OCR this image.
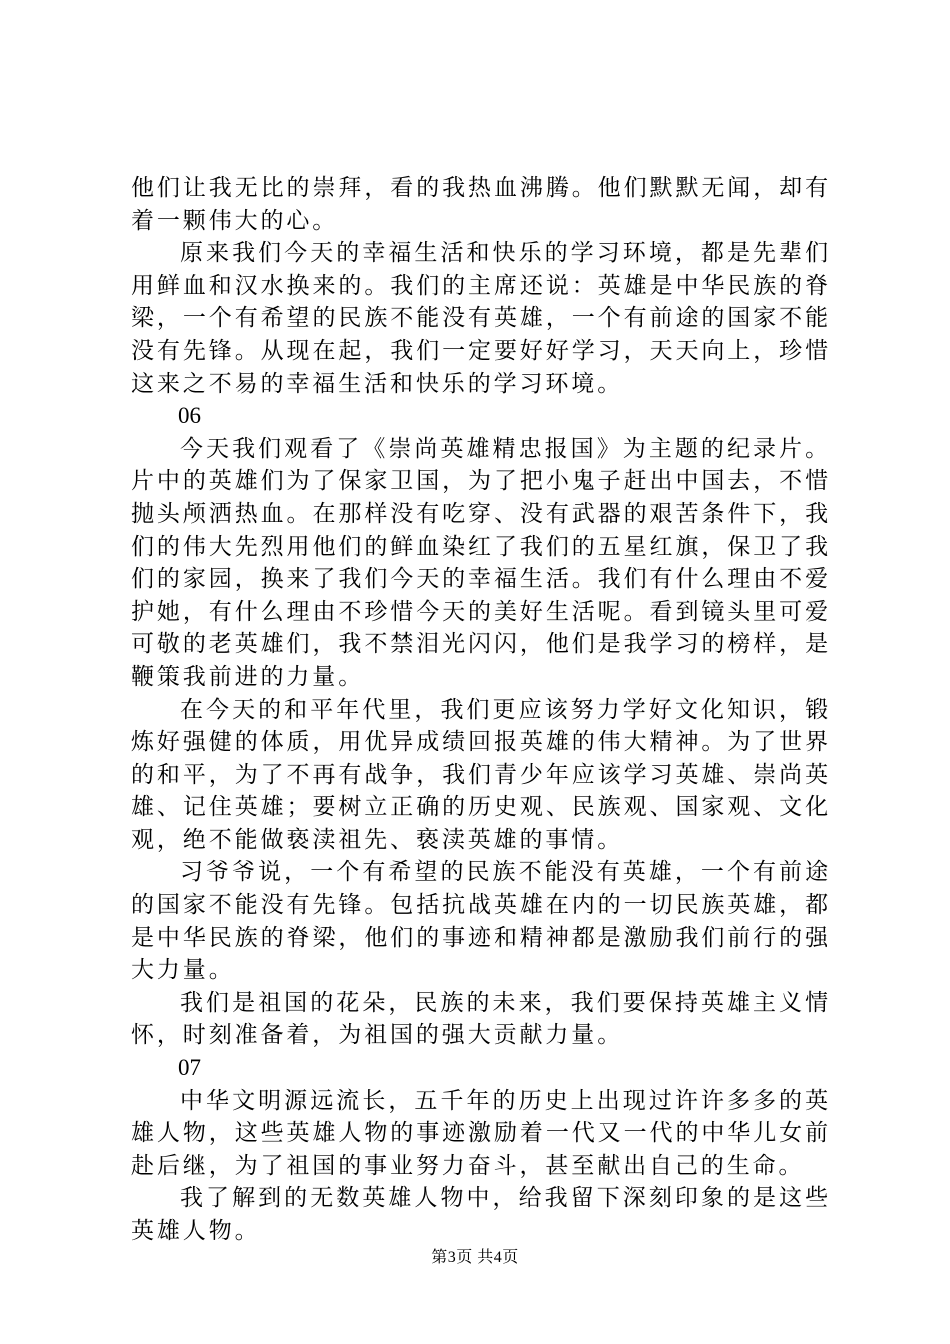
他们让我无比的崇拜，看的我热血沸腾。他们默默无闻，却有着一颗伟大的心。

原来我们今天的幸福生活和快乐的学习环境，都是先辈们用鲜血和汉水换来的。我们的主席还说：英雄是中华民族的脊梁，一个有希望的民族不能没有英雄，一个有前途的国家不能没有先锋。从现在起，我们一定要好好学习，天天向上，珍惜这来之不易的幸福生活和快乐的学习环境。

06

今天我们观看了《崇尚英雄精忠报国》为主题的纪录片。片中的英雄们为了保家卫国，为了把小鬼子赶出中国去，不惜抛头颅洒热血。在那样没有吃穿、没有武器的艰苦条件下，我们的伟大先烈用他们的鲜血染红了我们的五星红旗，保卫了我们的家园，换来了我们今天的幸福生活。我们有什么理由不爱护她，有什么理由不珍惜今天的美好生活呢。看到镜头里可爱可敬的老英雄们，我不禁泪光闪闪，他们是我学习的榜样，是鞭策我前进的力量。

在今天的和平年代里，我们更应该努力学好文化知识，锻炼好强健的体质，用优异成绩回报英雄的伟大精神。为了世界的和平，为了不再有战争，我们青少年应该学习英雄、崇尚英雄、记住英雄；要树立正确的历史观、民族观、国家观、文化观，绝不能做亵渎祖先、亵渎英雄的事情。

习爷爷说，一个有希望的民族不能没有英雄，一个有前途的国家不能没有先锋。包括抗战英雄在内的一切民族英雄，都是中华民族的脊梁，他们的事迹和精神都是激励我们前行的强大力量。

我们是祖国的花朵，民族的未来，我们要保持英雄主义情怀，时刻准备着，为祖国的强大贡献力量。

07

中华文明源远流长，五千年的历史上出现过许许多多的英雄人物，这些英雄人物的事迹激励着一代又一代的中华儿女前赴后继，为了祖国的事业努力奋斗，甚至献出自己的生命。

我了解到的无数英雄人物中，给我留下深刻印象的是这些英雄人物。

第3页 共4页
